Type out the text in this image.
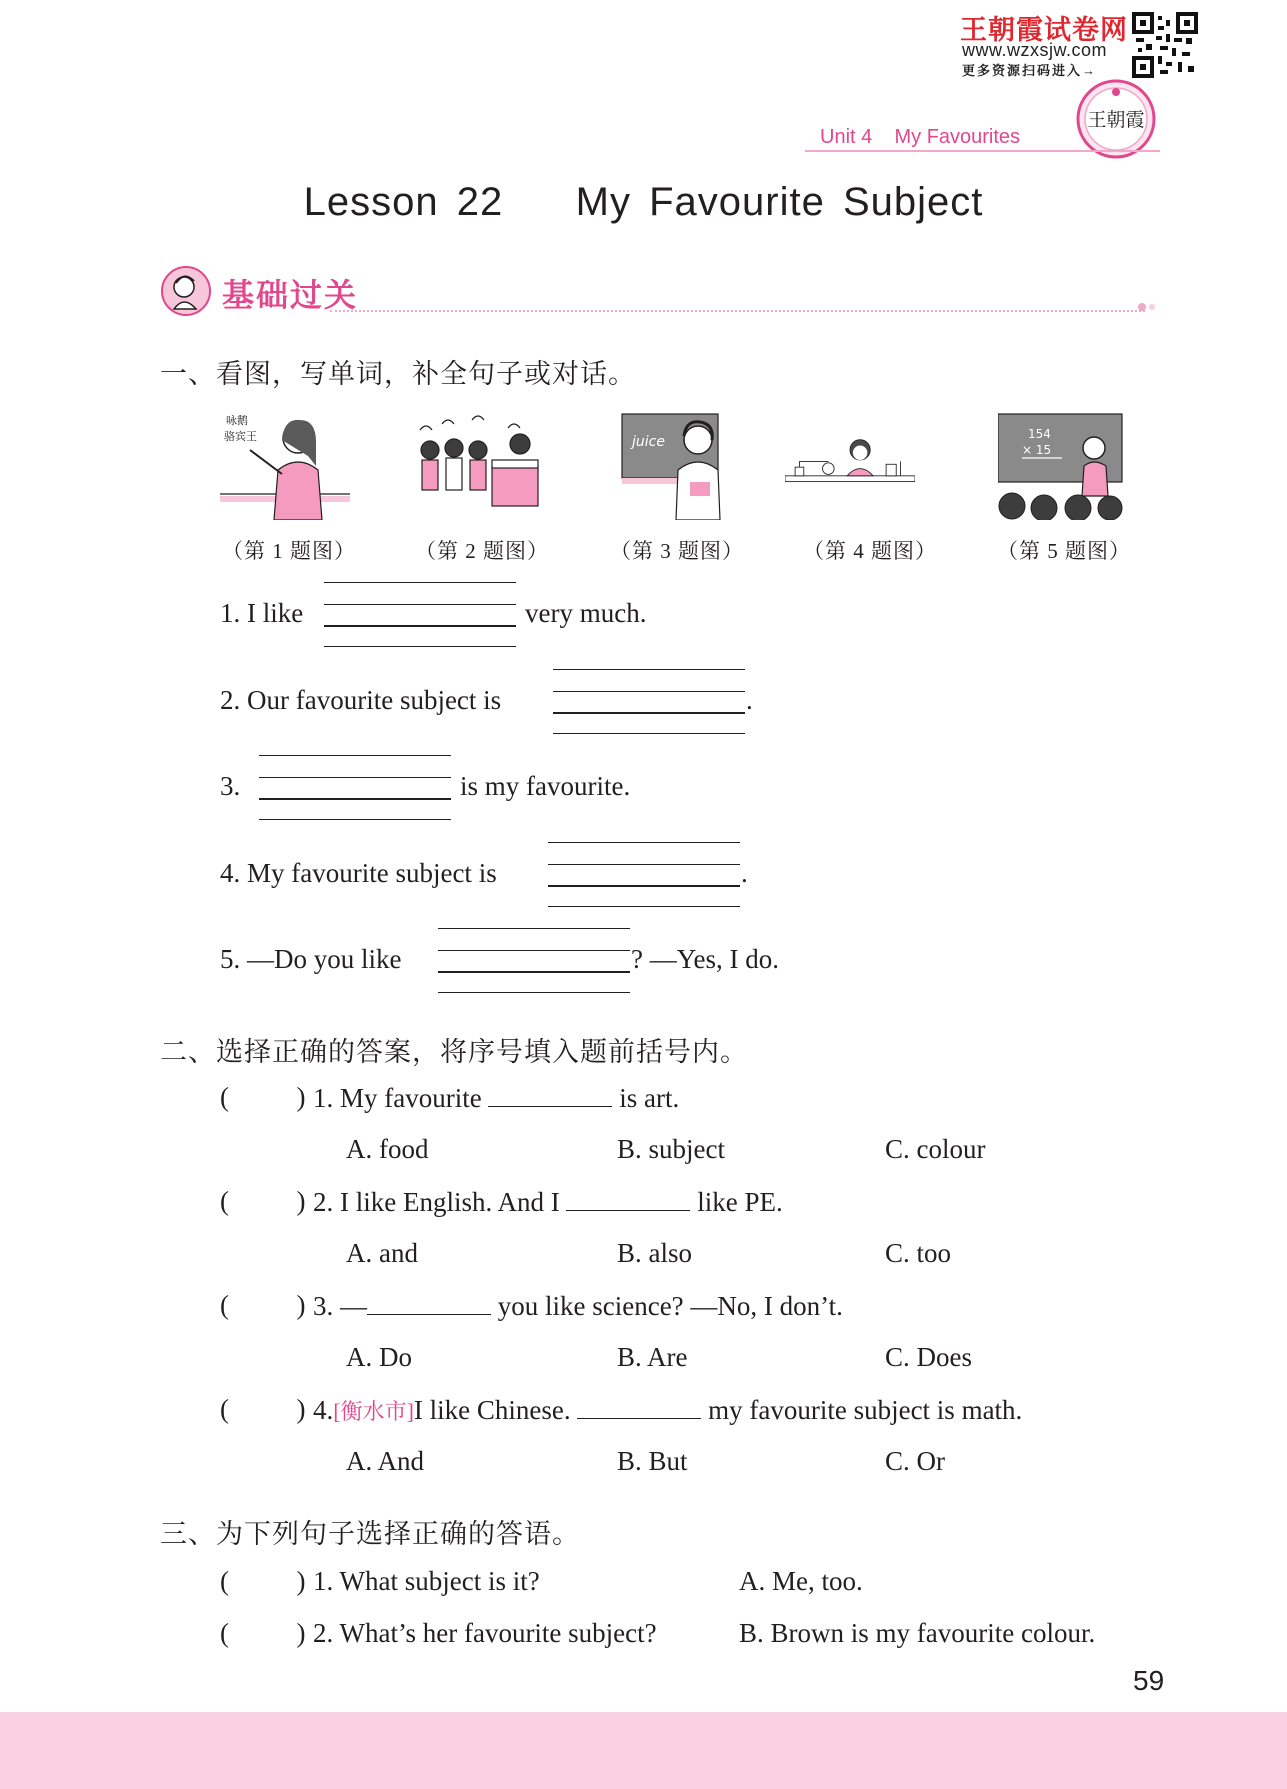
王朝霞试卷网
www.wzxsjw.com
更多资源扫码进入→
王朝霞
Unit 4    My Favourites
Lesson 22    My Favourite Subject
基础过关
一、看图，写单词，补全句子或对话。
咏鹅
骆宾王	juice	154
× 15
（第 1 题图）	（第 2 题图）	（第 3 题图）	（第 4 题图）	（第 5 题图）
1. I like	very much.
2. Our favourite subject is	.
3.	is my favourite.
4. My favourite subject is	.
5. —Do you like	? —Yes, I do.
二、选择正确的答案，将序号填入题前括号内。
(          ) 1. My favourite	is art.
A. food	B. subject	C. colour
(          ) 2. I like English. And I	like PE.
A. and	B. also	C. too
(          ) 3. —	you like science? —No, I don’t.
A. Do	B. Are	C. Does
(          ) 4.[衡水市]I like Chinese.	my favourite subject is math.
A. And	B. But	C. Or
三、为下列句子选择正确的答语。
(          ) 1. What subject is it?	A. Me, too.
(          ) 2. What’s her favourite subject?	B. Brown is my favourite colour.
59
